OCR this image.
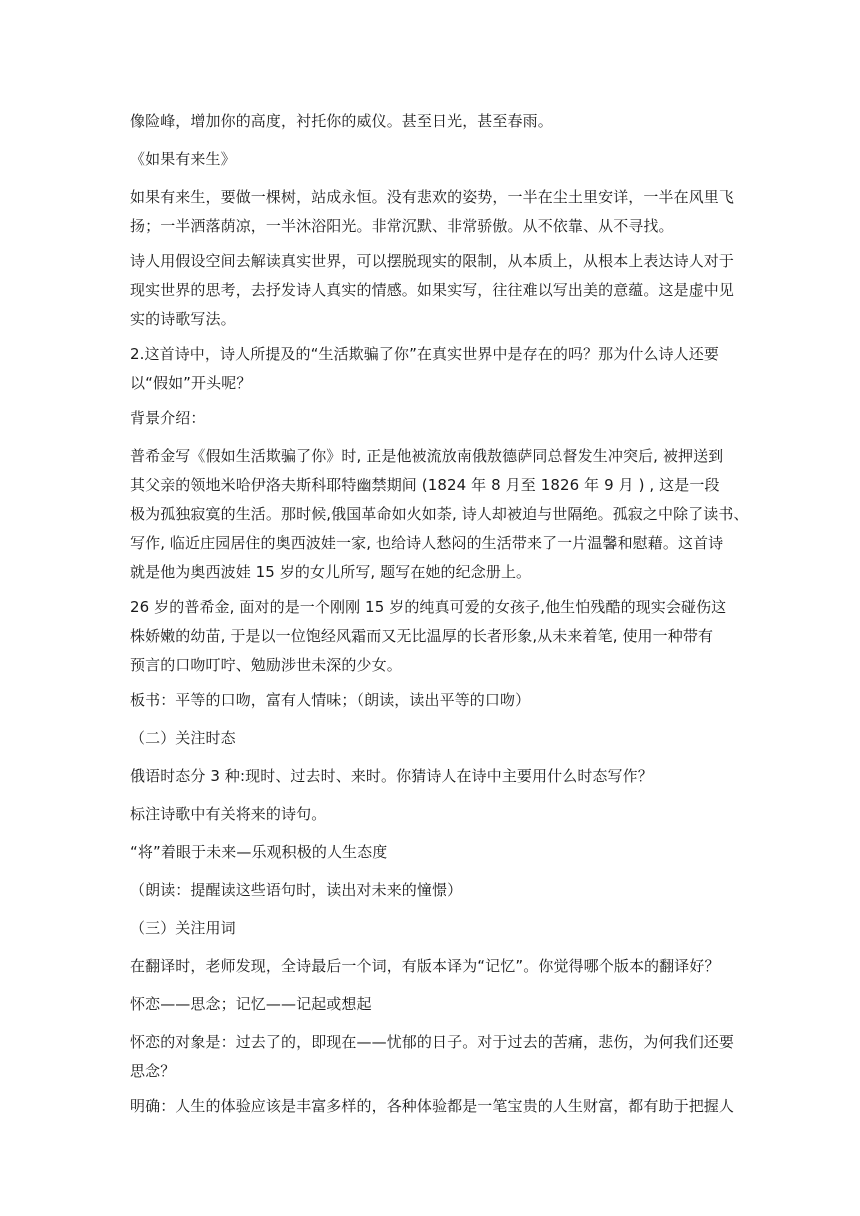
像险峰，增加你的高度，衬托你的威仪。甚至日光，甚至春雨。
《如果有来生》
如果有来生，要做一棵树，站成永恒。没有悲欢的姿势，一半在尘土里安详，一半在风里飞
扬；一半洒落荫凉，一半沐浴阳光。非常沉默、非常骄傲。从不依靠、从不寻找。
诗人用假设空间去解读真实世界，可以摆脱现实的限制，从本质上，从根本上表达诗人对于
现实世界的思考，去抒发诗人真实的情感。如果实写，往往难以写出美的意蕴。这是虚中见
实的诗歌写法。
2.这首诗中，诗人所提及的“生活欺骗了你”在真实世界中是存在的吗？那为什么诗人还要
以“假如”开头呢？
背景介绍：
普希金写《假如生活欺骗了你》时, 正是他被流放南俄敖德萨同总督发生冲突后, 被押送到
其父亲的领地米哈伊洛夫斯科耶特幽禁期间 (1824 年 8 月至 1826 年 9 月 ) , 这是一段
极为孤独寂寞的生活。那时候,俄国革命如火如荼, 诗人却被迫与世隔绝。孤寂之中除了读书、
写作, 临近庄园居住的奥西波娃一家, 也给诗人愁闷的生活带来了一片温馨和慰藉。这首诗
就是他为奥西波娃 15 岁的女儿所写, 题写在她的纪念册上。
26 岁的普希金, 面对的是一个刚刚 15 岁的纯真可爱的女孩子,他生怕残酷的现实会碰伤这
株娇嫩的幼苗, 于是以一位饱经风霜而又无比温厚的长者形象,从未来着笔, 使用一种带有
预言的口吻叮咛、勉励涉世未深的少女。
板书：平等的口吻，富有人情味；（朗读，读出平等的口吻）
（二）关注时态
俄语时态分 3 种:现时、过去时、来时。你猜诗人在诗中主要用什么时态写作？
标注诗歌中有关将来的诗句。
“将”着眼于未来—乐观积极的人生态度
（朗读：提醒读这些语句时，读出对未来的憧憬）
（三）关注用词
在翻译时，老师发现，全诗最后一个词，有版本译为“记忆”。你觉得哪个版本的翻译好？
怀恋——思念；记忆——记起或想起
怀恋的对象是：过去了的，即现在——忧郁的日子。对于过去的苦痛，悲伤，为何我们还要
思念？
明确：人生的体验应该是丰富多样的，各种体验都是一笔宝贵的人生财富，都有助于把握人
